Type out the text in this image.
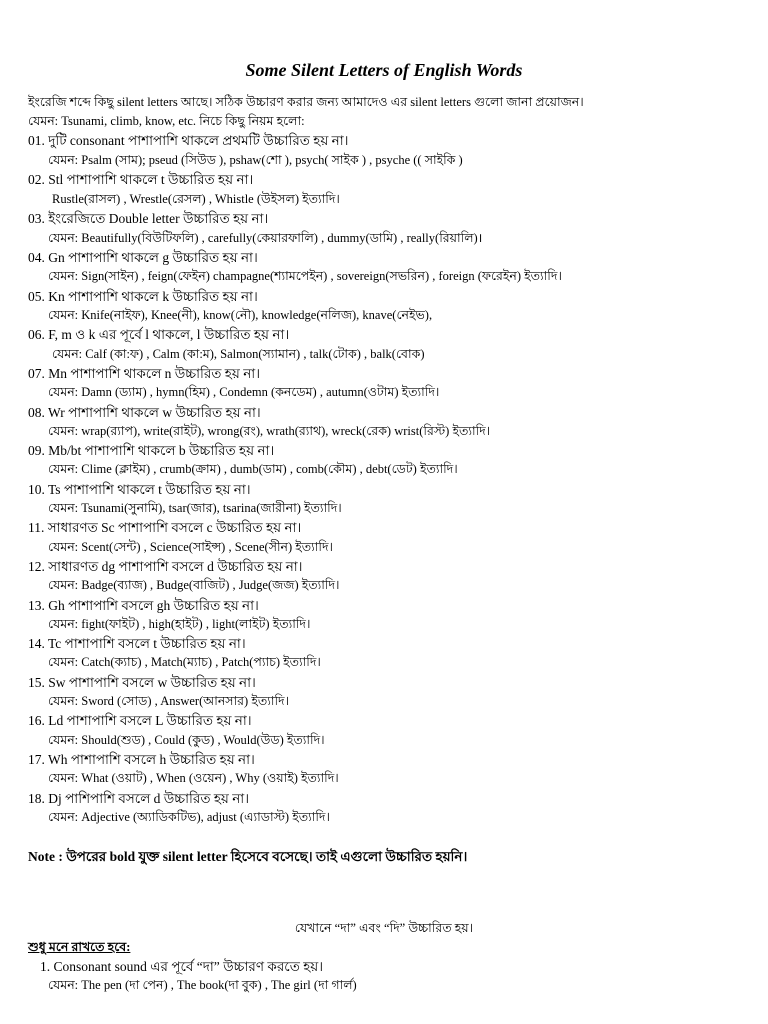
Some Silent Letters of English Words
ইংরেজি শব্দে কিছু silent letters আছে। সঠিক উচ্চারণ করার জন্য আমাদেও এর silent letters গুলো জানা প্রয়োজন।
যেমন: Tsunami, climb, know, etc. নিচে কিছু নিয়ম হলো:
01. দুটি consonant পাশাপাশি থাকলে প্রথমটি উচ্চারিত হয় না।
যেমন: Psalm (সাম); pseud (সিউড ), pshaw(শো ), psych( সাইক ) , psyche (( সাইকি )
02. Stl পাশাপাশি থাকলে t উচ্চারিত হয় না।
Rustle(রাসল) , Wrestle(রেসল) , Whistle (উইসল) ইত্যাদি।
03. ইংরেজিতে Double letter উচ্চারিত হয় না।
যেমন: Beautifully(বিউটিফলি) , carefully(কেয়ারফালি) , dummy(ডামি) , really(রিয়ালি)।
04. Gn পাশাপাশি থাকলে g উচ্চারিত হয় না।
যেমন: Sign(সাইন) , feign(ফেইন) champagne(শ্যামপেইন) , sovereign(সভরিন) , foreign (ফরেইন) ইত্যাদি।
05. Kn পাশাপাশি থাকলে k উচ্চারিত হয় না।
যেমন: Knife(নাইফ), Knee(নী), know(নৌ), knowledge(নলিজ), knave(নেইভ),
06. F, m ও k এর পূর্বে l থাকলে, l উচ্চারিত হয় না।
যেমন: Calf (কা:ফ) , Calm (কা:ম), Salmon(স্যামান) , talk(টোক) , balk(বোক)
07. Mn পাশাপাশি থাকলে n উচ্চারিত হয় না।
যেমন: Damn (ড্যাম) , hymn(হিম) , Condemn (কনডেম) , autumn(ওটাম) ইত্যাদি।
08. Wr পাশাপাশি থাকলে w উচ্চারিত হয় না।
যেমন: wrap(র‍্যাপ), write(রাইট), wrong(রং), wrath(র‍্যাথ), wreck(রেক) wrist(রিস্ট) ইত্যাদি।
09. Mb/bt পাশাপাশি থাকলে b উচ্চারিত হয় না।
যেমন: Clime (ক্লাইম) , crumb(ক্রাম) , dumb(ডাম) , comb(কৌম) , debt(ডেট) ইত্যাদি।
10. Ts পাশাপাশি থাকলে t উচ্চারিত হয় না।
যেমন: Tsunami(সুনামি), tsar(জার), tsarina(জারীনা) ইত্যাদি।
11. সাধারণত Sc পাশাপাশি বসলে c উচ্চারিত হয় না।
যেমন: Scent(সেন্ট) , Science(সাইন্স) , Scene(সীন) ইত্যাদি।
12. সাধারণত dg পাশাপাশি বসলে d উচ্চারিত হয় না।
যেমন: Badge(ব্যাজ) , Budge(বাজিট) , Judge(জজ) ইত্যাদি।
13. Gh পাশাপাশি বসলে gh উচ্চারিত হয় না।
যেমন: fight(ফাইট) , high(হাইট) , light(লাইট) ইত্যাদি।
14. Tc পাশাপাশি বসলে t উচ্চারিত হয় না।
যেমন: Catch(ক্যাচ) , Match(ম্যাচ) , Patch(প্যাচ) ইত্যাদি।
15. Sw পাশাপাশি বসলে w উচ্চারিত হয় না।
যেমন: Sword (সোড) , Answer(আনসার) ইত্যাদি।
16. Ld পাশাপাশি বসলে L উচ্চারিত হয় না।
যেমন: Should(শুড) , Could (কুড) , Would(উড) ইত্যাদি।
17. Wh পাশাপাশি বসলে h উচ্চারিত হয় না।
যেমন: What (ওয়াট) , When (ওয়েন) , Why (ওয়াই) ইত্যাদি।
18. Dj পাশিপাশি বসলে d উচ্চারিত হয় না।
যেমন: Adjective (অ্যাডিকটিভ), adjust (এ্যাডাস্ট) ইত্যাদি।
Note : উপরের bold যুক্ত silent letter হিসেবে বসেছে। তাই এগুলো উচ্চারিত হয়নি।
যেখানে “দা” এবং “দি” উচ্চারিত হয়।
শুধু মনে রাখতে হবে:
1. Consonant sound এর পূর্বে “দা” উচ্চারণ করতে হয়।
যেমন: The pen (দা পেন) , The book(দা বুক) , The girl (দা গার্ল)
